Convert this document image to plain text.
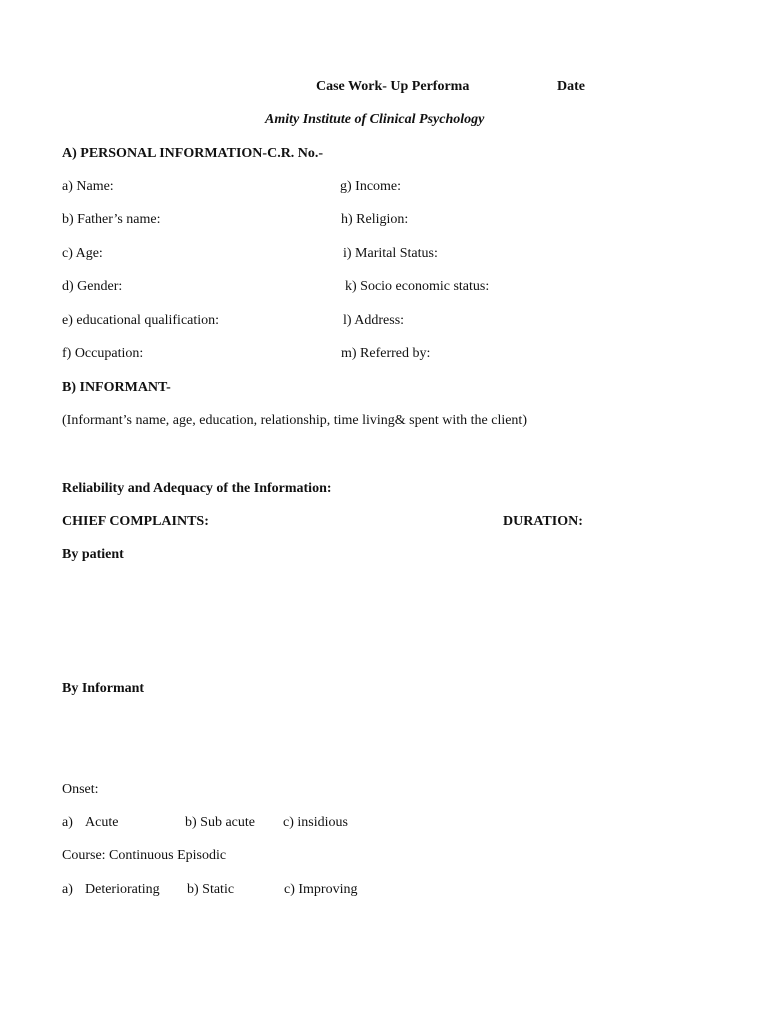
Case Work- Up Performa	Date
Amity Institute of Clinical Psychology
A) PERSONAL INFORMATION-C.R. No.-
a) Name:	g) Income:
b) Father’s name:	h) Religion:
c) Age:	i) Marital Status:
d) Gender:	k) Socio economic status:
e) educational qualification:	l) Address:
f) Occupation:	m) Referred by:
B) INFORMANT-
(Informant’s name, age, education, relationship, time living& spent with the client)
Reliability and Adequacy of the Information:
CHIEF COMPLAINTS:	DURATION:
By patient
By Informant
Onset:
a) Acute	b) Sub acute c) insidious
Course: Continuous Episodic
a) Deteriorating b) Static	c) Improving
